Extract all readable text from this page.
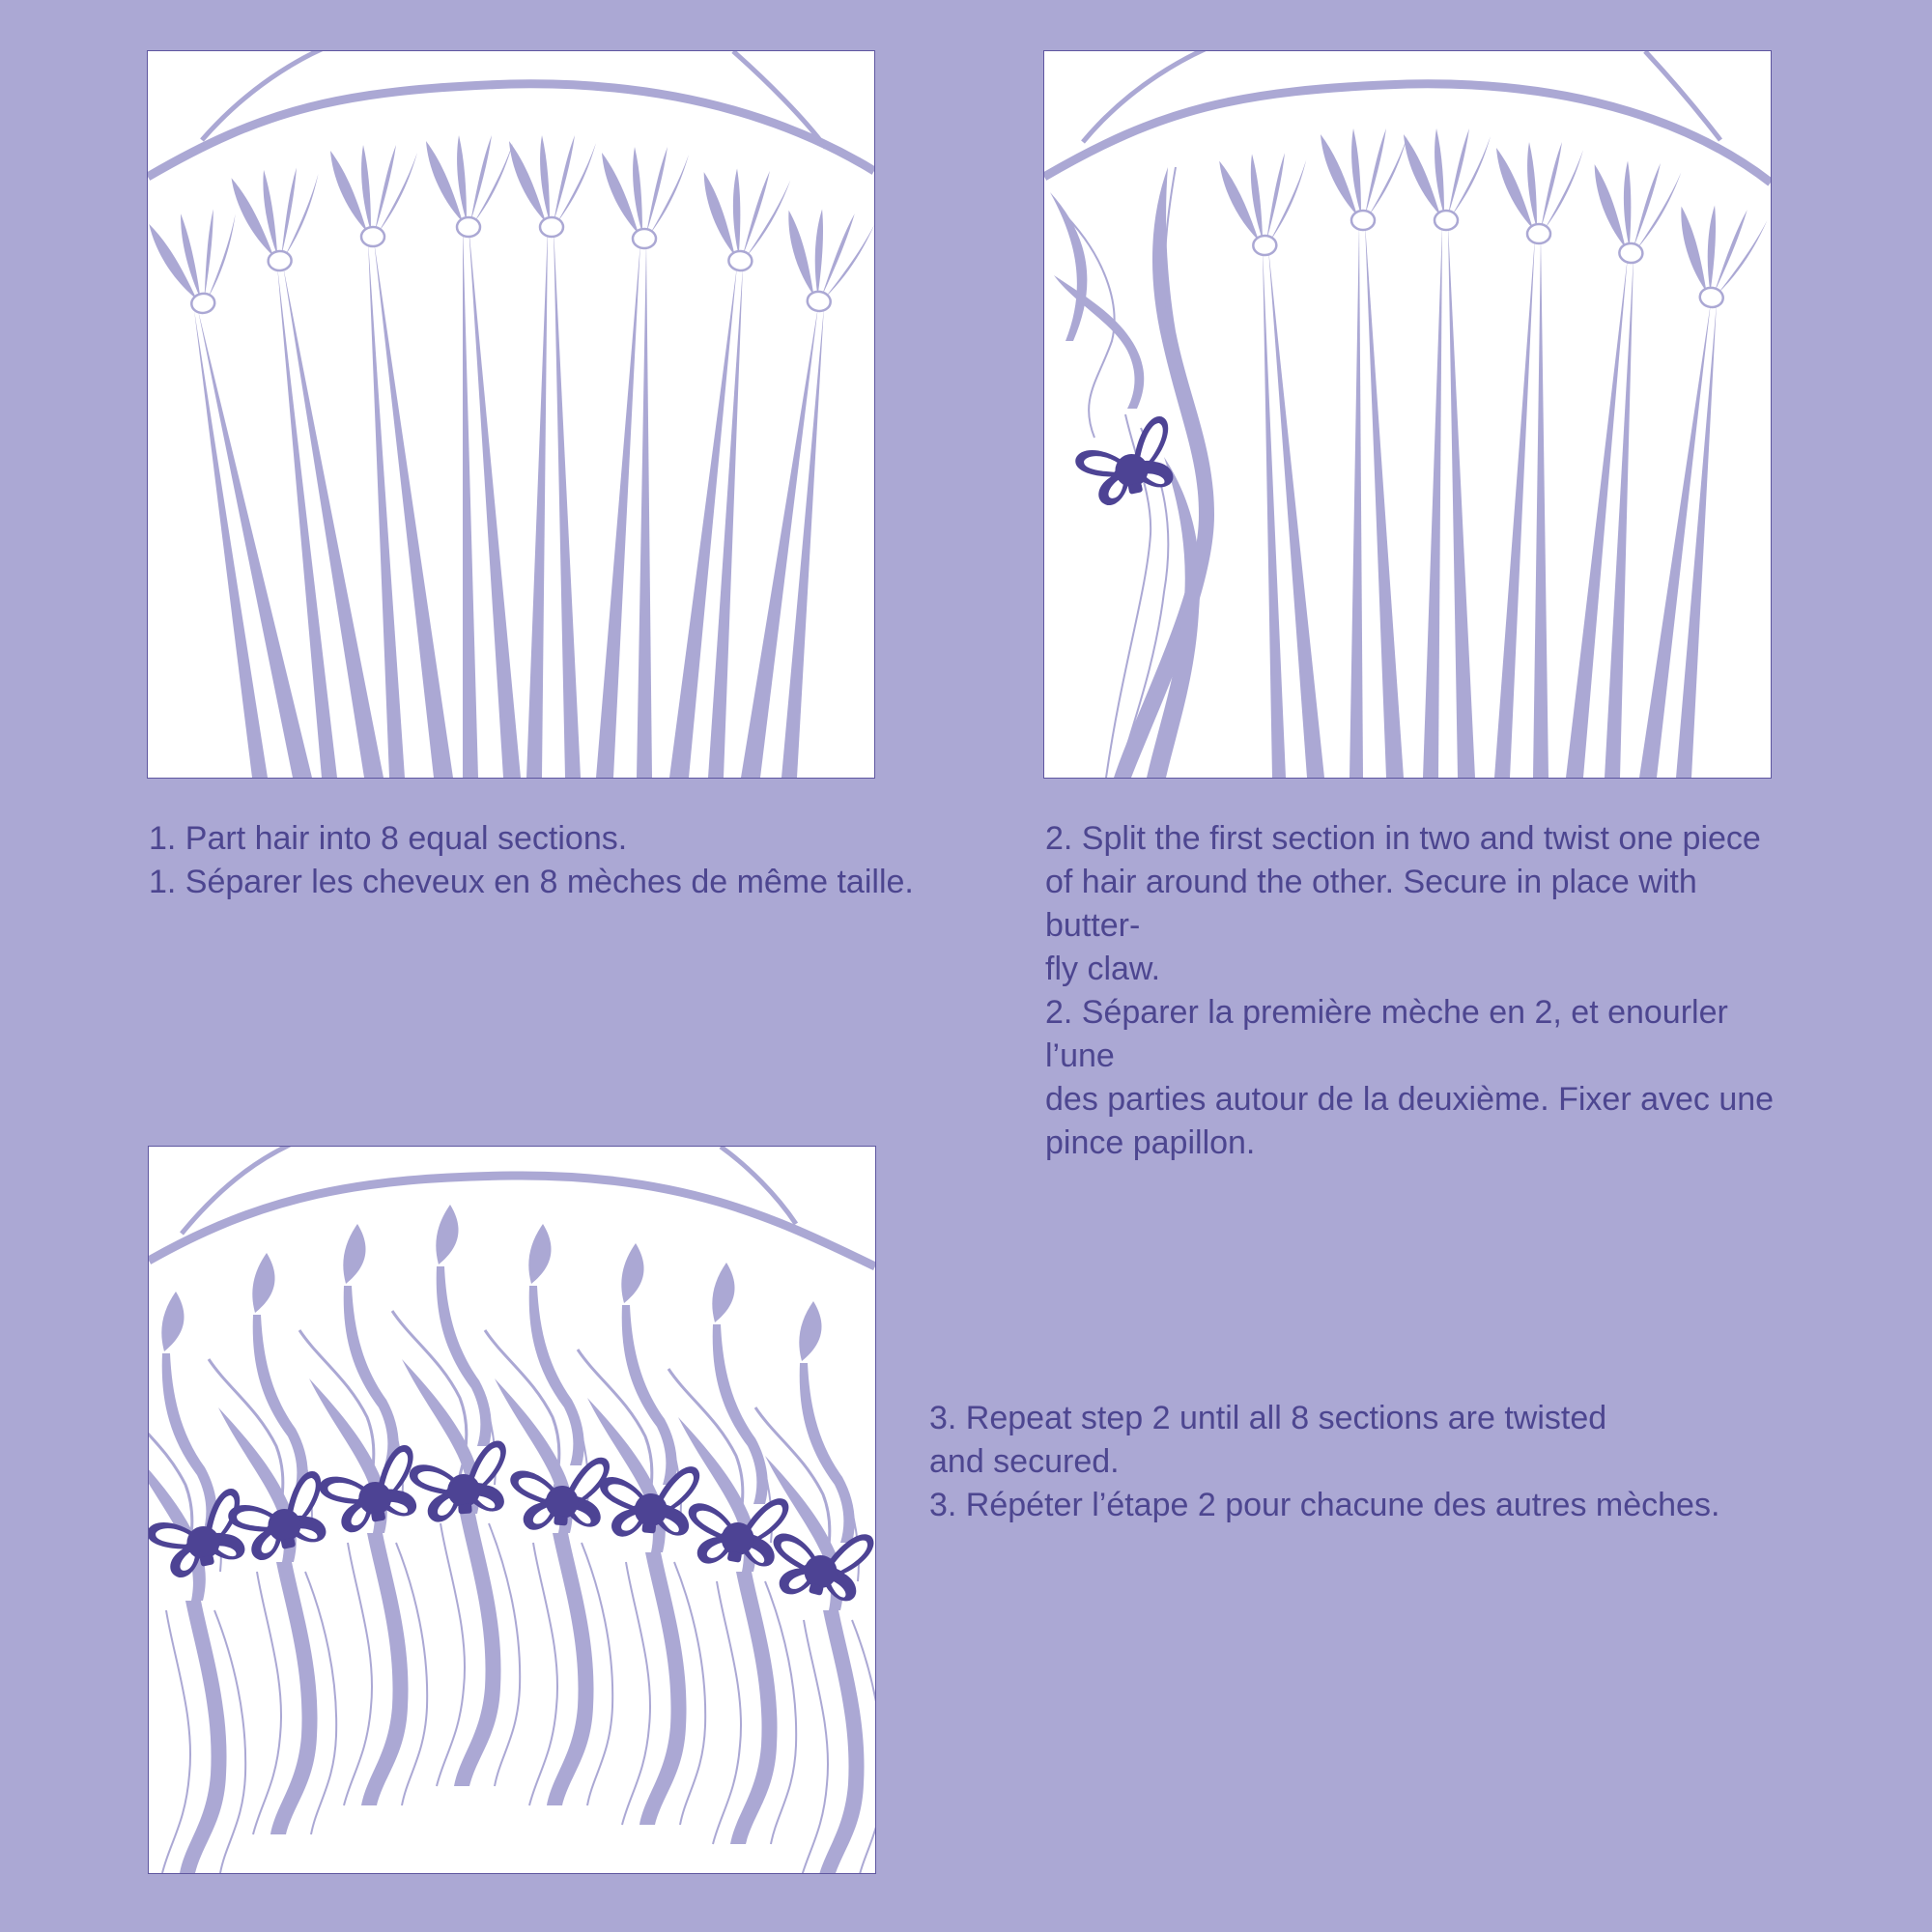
1. Part hair into 8 equal sections.

1. Séparer les cheveux en 8 mèches de même taille.

2. Split the first section in two and twist one piece
of hair around the other. Secure in place with butter-
fly claw.

2. Séparer la première mèche en 2, et enourler l’une
des parties autour de la deuxième. Fixer avec une
pince papillon.

3. Repeat step 2 until all 8 sections are twisted
and secured.

3. Répéter l’étape 2 pour chacune des autres mèches.
